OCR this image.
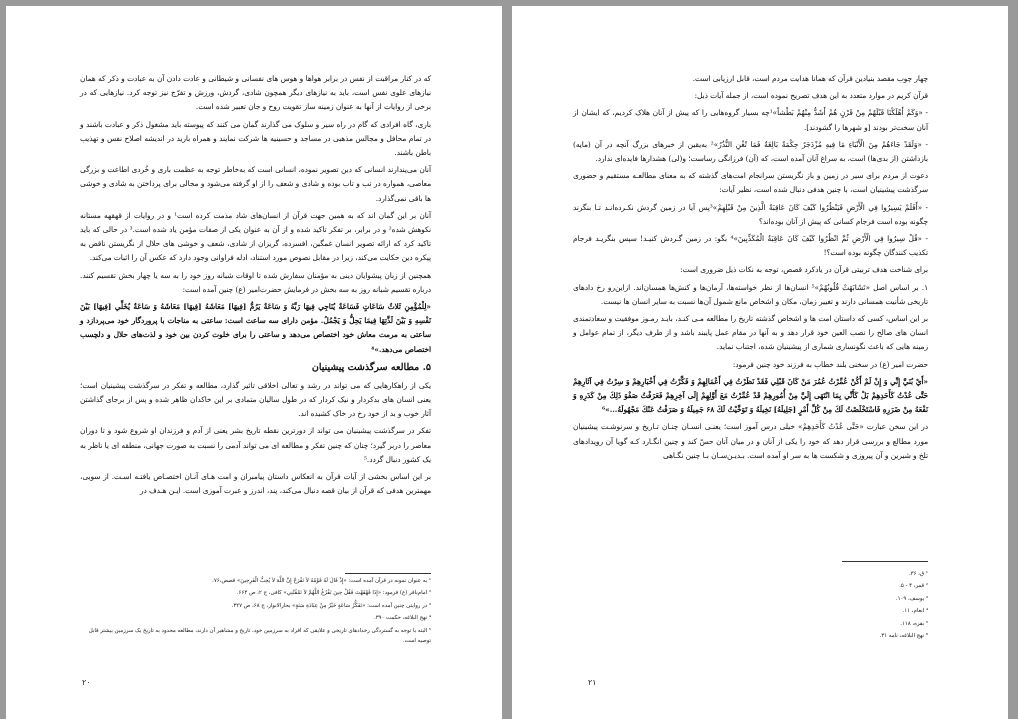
كه در كنار مراقبت از نفس در برابر هواها و هوس های نفسانی و شیطانی و عادت دادن آن به عبادت و ذكر كه همان نیازهای علوی نفس است، باید به نیازهای دیگر همچون شادی، گردش، ورزش و تفرّج نیز توجه كرد. نیازهایی كه در برخی از روایات از آنها به عنوان زمینه ساز تقویت روح و جان تعبیر شده است.

باری، گاه افرادی كه گام در راه سیر و سلوک می گذارند گمان می كنند كه پیوسته باید مشغول ذكر و عبادت باشند و در تمام محافل و مجالس مذهبی در مساجد و حسینیه ها شركت نمایند و همراه بارید در اندیشه اصلاح نفس و تهذیب باطن باشند.

آنان می‌پندارند انسانی كه دین تصویر نموده، انسانی است كه به‌خاطر توجه به عظمت باری و خُردی اطاعت و بزرگی معاصی، همواره در تب و تاب بوده و شادی و شعف را از او گرفته می‌شود و مجالی برای پرداختن به شادی و خوشی ها باقی نمی‌گذارد.

آنان بر این گمان اند كه به همین جهت قرآن از انسان‌های شاد مذمت كرده است¹ و در روایات از قهقهه مستانه نكوهش شده² و در برابر، بر تفكر تاكید شده و از آن به عنوان یكی از صفات مؤمن یاد شده است.³ در حالی كه باید تاكید كرد كه ارائه تصویر انسان غمگین، افسرده، گریزان از شادی، شعف و خوشی های حلال از نگریستن ناقص به پیكره دین حكایت می‌كند، زیرا در مقابل نصوص مورد استناد، ادله فراوانی وجود دارد كه عكس آن را اثبات می‌كند.

همچنین از زبان پیشوایان دینی به مؤمنان سفارش شده تا اوقات شبانه روز خود را به سه یا چهار بخش تقسیم كنند. درباره تقسیم شبانه روز به سه بخش در فرمایش حضرت‌امیر (ع) چنین آمده است:

«لِلْمُؤْمِنِ ثَلاثُ سَاعَاتٍ فَسَاعَةٌ يُنَاجِي فِيهَا رَبَّهُ وَ سَاعَةٌ يَرُمُّ [فِيهَا] مَعَاشَهُ [فِيهَا] مَعَاشَهُ وَ سَاعَةٌ يُخَلِّي [فِيهَا] بَيْنَ نَفْسِهِ وَ بَيْنَ لَذَّتِهَا فِيمَا يَحِلُّ وَ يَجْمُلُ. مؤمن دارای سه ساعت است: ساعتی به مناجات با پروردگار خود می‌پردازد و ساعتی به مرمت معاش خود اختصاص می‌دهد و ساعتی را برای خلوت كردن بین خود و لذت‌های حلال و دلچسب اختصاص می‌دهد.»⁴

۵. مطالعه سرگذشت پیشینیان

یكی از راهكارهایی كه می تواند در رشد و تعالی اخلاقی تاثیر گذارد، مطالعه و تفكر در سرگذشت پیشینیان است؛ یعنی انسان های بدكردار و نیک كردار كه در طول سالیان متمادی بر این خاكدان ظاهر شده و پس از برجای گذاشتن آثار خوب و بد از خود رخ در خاک كشیده اند.

تفكر در سرگذشت پیشینیان می تواند از دورترین نقطه تاریخ بشر یعنی از آدم و فرزندان او شروع شود و تا دوران معاصر را دربر گیرد؛ چنان كه چنین تفكر و مطالعه ای می تواند آدمی را نسبت به صورت جهانی، منطقه ای یا ناظر به یک كشور دنبال گردد.⁵

بر این اساس بخشی از آیات قرآن به انعكاس داستان پیامبران و امت هـای آنـان اختصـاص یافتـه اسـت. از سویی، مهمترین هدفی كه قرآن از بیان قصه دنبال می‌كند، پند، اندرز و عبرت آموزی است. ایـن هـدف در

¹ به عنوان نمونه در قرآن آمده است: «إِذْ قَالَ لَهُ قَوْمُهُ لاَ تَفْرَحْ إِنَّ اللَّهَ لاَ يُحِبُّ الْفَرِحِينَ» قصص،۷۶.

² امام‌باقر (ع) فرمود: «إِذَا قَهْقَهْتَ فَقُلْ حِينَ تَفْرُغُ اللَّهُمَّ لاَ تَمْقُتْنِي» كافی، ج ۲، ص ۶۶۴.

³ در روایتی چنین آمده است: «تَفَكُّرُ سَاعَةٍ خَيْرٌ مِنْ عِبَادَةِ سَنَةٍ» بحارالانوار، ج ۶۸، ص ۳۲۷.

⁴ نهج البلاغه، حكمت ۳۹۰.

⁵ البته با توجه به گستردگی رخدادهای تاریخی و علایقی كه افراد به سرزمین خود، تاریخ و مشاهیر آن دارند، مطالعه محدود به تاریخ یک سرزمین بیشتر قابل توصیه است.

۲۰

چهار چوب مقصد بنیادین قرآن كه همانا هدایت مردم است، قابل ارزیابی است.

قرآن كریم در موارد متعدد به این هدف تصریح نموده است، از جمله آیات ذیل:

- «وَكَمْ أَهْلَكْنَا قَبْلَهُمْ مِنْ قَرْنٍ هُمْ أَشَدُّ مِنْهُمْ بَطْشاً»¹چه بسیار گروه‌هایی را كه پیش از آنان هلاک كردیم، كه ایشان از آنان سخت‌تر بودند [و شهرها را گشودند].

- «وَلَقَدْ جَاءَهُمْ مِنَ الْأَنْبَاءِ مَا فِيهِ مُزْدَجَرٌ حِكْمَةٌ بَالِغَةٌ فَمَا تُغْنِ النُّذُرُ»² به‌یقین از خبرهای بزرگ آنچه در آن (مایه) بازداشتن (از بدی‌ها) است، به سراغ آنان آمده است، كه (آن) فرزانگی رساست؛ و(لی) هشدارها فایده‌ای ندارد.

دعوت از مردم برای سیر در زمین و باز نگریستن سرانجام امت‌های گذشته كه به معنای مطالعـه مستقیم و حضوری سرگذشت پیشینیان است، با چنین هدفی دنبال شده است، نظیر آیات:

- «أَفَلَمْ يَسِيرُوا فِي الْأَرْضِ فَيَنْظُرُوا كَيْفَ كَانَ عَاقِبَةُ الَّذِينَ مِنْ قَبْلِهِمْ»³پس آیا در زمین گردش نكـرده‌انـد تـا بنگرند چگونه بوده است فرجام كسانی كه پیش از آنان بوده‌اند؟

- «قُلْ سِيرُوا فِي الْأَرْضِ ثُمَّ انْظُرُوا كَيْفَ كَانَ عَاقِبَةُ الْمُكَذِّبِينَ»⁴ بگو: در زمین گـردش كنیـد! سپس بنگریـد فرجام تكذیب كنندگان چگونه بوده است؟!

برای شناخت هدف تربیتی قرآن در یادكرد قصص، توجه به نكات ذیل ضروری است:

۱. بر اساس اصل «تَشَابَهَتْ قُلُوبُهُمْ»⁵ انسان‌ها از نظر خواسته‌ها، آرمان‌ها و كنش‌ها همسان‌اند. ازاین‌رو رخ دادهای تاریخی شأنیت همسانی دارند و تغییر زمان، مكان و اشخاص مانع شمول آن‌ها نسبت به سایر انسان ها نیست.

بر این اساس، كسی كه داستان امت ها و اشخاص گذشته تاریخ را مطالعه مـی كنـد، بایـد رمـوز موفقیت و سعادتمندی انسان های صالح را نصب العین خود قرار دهد و به آنها در مقام عمل پایبند باشد و از طرف دیگر، از تمام عوامل و زمینه هایی كه باعث نگونساری شماری از پیشینیان شده، اجتناب نماید.

حضرت امیر (ع) در سخنی بلند خطاب به فرزند خود چنین فرمود:

«أَيْ بُنَيَّ إِنِّي وَ إِنْ لَمْ أَكُنْ عُمِّرْتُ عُمُرَ مَنْ كَانَ قَبْلِي فَقَدْ نَظَرْتُ فِي أَعْمَالِهِمْ وَ فَكَّرْتُ فِي أَخْبَارِهِمْ وَ سِرْتُ فِي آثَارِهِمْ حَتَّى عُدْتُ كَأَحَدِهِمْ بَلْ كَأَنِّي بِمَا انْتَهَى إِلَيَّ مِنْ أُمُورِهِمْ قَدْ عُمِّرْتُ مَعَ أَوَّلِهِمْ إِلَى آخِرِهِمْ فَعَرَفْتُ صَفْوَ ذَلِكَ مِنْ كَدَرِهِ وَ نَفْعَهُ مِنْ ضَرَرِهِ فَاسْتَخْلَصْتُ لَكَ مِنْ كُلِّ أَمْرٍ [جَلِيلَهُ] نَخِيلَهُ وَ تَوَخَّيْتُ لَكَ ۶۸ جَمِيلَهُ وَ صَرَفْتُ عَنْكَ مَجْهُولَهُ...»⁶

در این سخن عبارت «حَتَّى عُدْتُ كَأَحَدِهِمْ» خیلی درس آموز است؛ یعنـی انسـان چنـان تـاریخ و سرنوشـت پیشینیان مورد مطالع و بررسی قرار دهد كه خود را یكی از آنان و در میان آنان حسّ كند و چنین انگـارد كـه گویا آن رویدادهای تلخ و شیرین و آن پیروزی و شكست ها به سر او آمده است. بـدیـن‌سـان بـا چنین نگـاهی

¹ ق، ۳۶.

² قمر، ۴ - ۵.

³ یوسف، ۱۰۹.

⁴ انعام، ۱۱.

⁵ بقره، ۱۱۸.

⁶ نهج البلاغه، نامه ۳۱.

۲۱
